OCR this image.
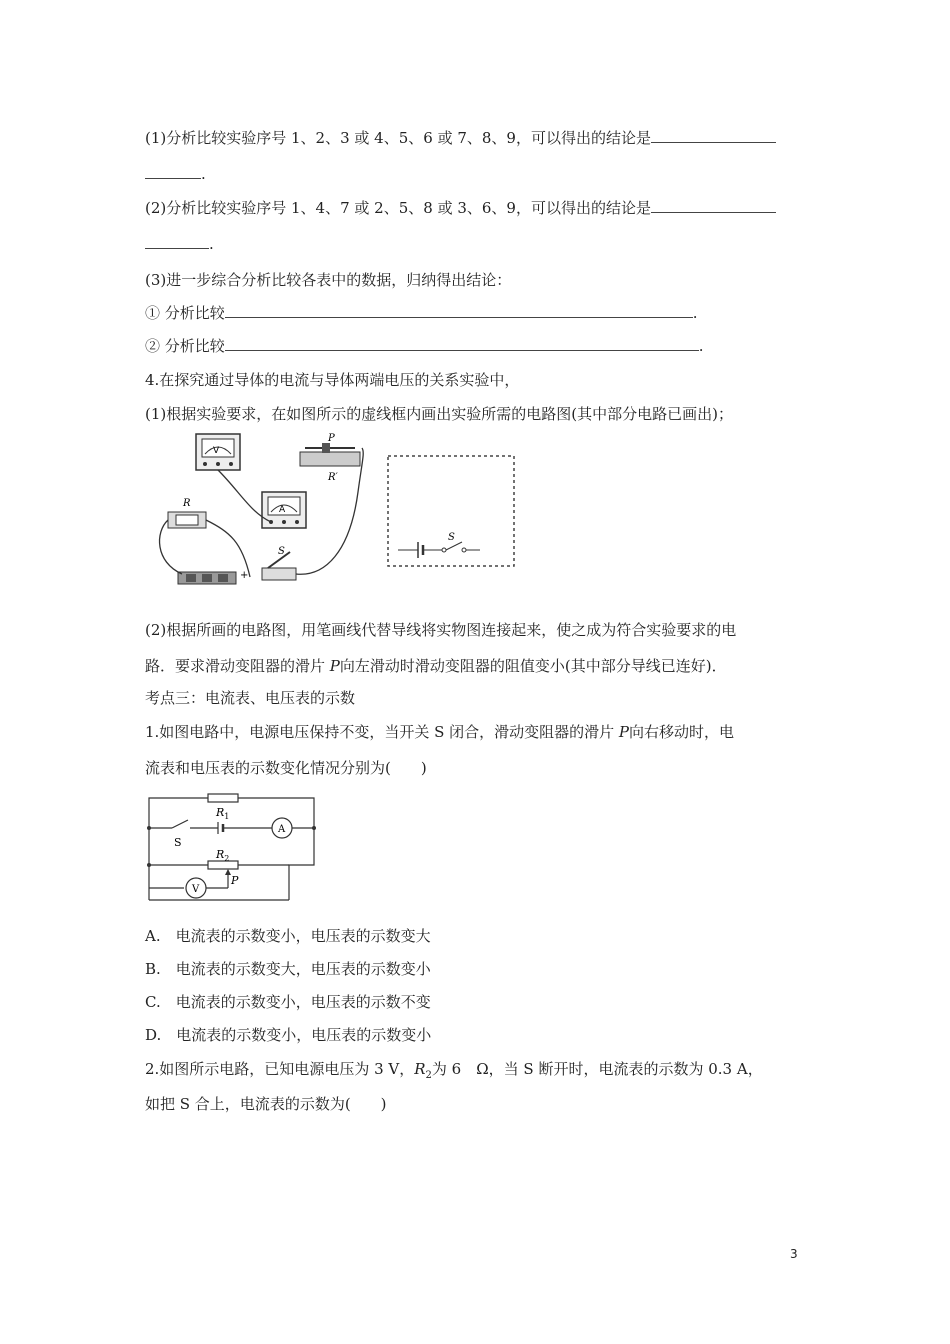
(1)分析比较实验序号 1、2、3 或 4、5、6 或 7、8、9，可以得出的结论是
.
(2)分析比较实验序号 1、4、7 或 2、5、8 或 3、6、9，可以得出的结论是
.
(3)进一步综合分析比较各表中的数据，归纳得出结论：
① 分析比较	.
② 分析比较	.
4.在探究通过导体的电流与导体两端电压的关系实验中，
(1)根据实验要求，在如图所示的虚线框内画出实验所需的电路图(其中部分电路已画出)；
V
A
P
R′
R
+
S
S
(2)根据所画的电路图，用笔画线代替导线将实物图连接起来，使之成为符合实验要求的电
路．要求滑动变阻器的滑片 P向左滑动时滑动变阻器的阻值变小(其中部分导线已连好)．
考点三：电流表、电压表的示数
1.如图电路中，电源电压保持不变，当开关 S 闭合，滑动变阻器的滑片 P向右移动时，电
流表和电压表的示数变化情况分别为(　　)
$R_1$
$R_2$
S
P
A
V
A.　电流表的示数变小，电压表的示数变大
B.　电流表的示数变大，电压表的示数变小
C.　电流表的示数变小，电压表的示数不变
D.　电流表的示数变小，电压表的示数变小
2.如图所示电路，已知电源电压为 3 V，$R_2$为 6　Ω，当 S 断开时，电流表的示数为 0.3 A，
如把 S 合上，电流表的示数为(　　)
3
